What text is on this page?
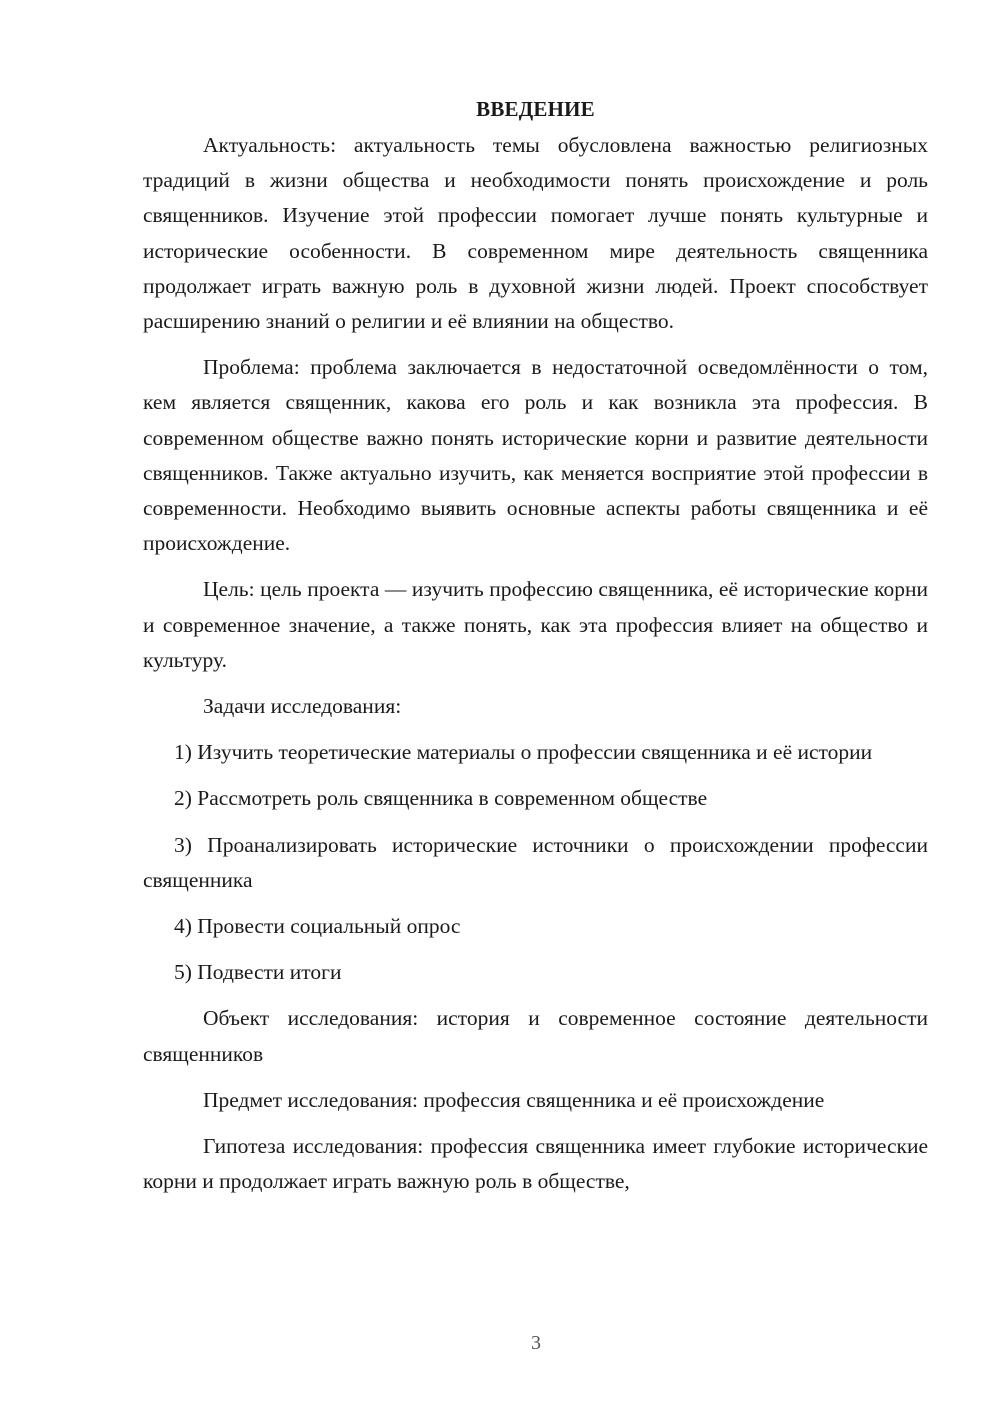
ВВЕДЕНИЕ

Актуальность: актуальность темы обусловлена важностью религиозных традиций в жизни общества и необходимости понять происхождение и роль священников. Изучение этой профессии помогает лучше понять культурные и исторические особенности. В современном мире деятельность священника продолжает играть важную роль в духовной жизни людей. Проект способствует расширению знаний о религии и её влиянии на общество.

Проблема: проблема заключается в недостаточной осведомлённости о том, кем является священник, какова его роль и как возникла эта профессия. В современном обществе важно понять исторические корни и развитие деятельности священников. Также актуально изучить, как меняется восприятие этой профессии в современности. Необходимо выявить основные аспекты работы священника и её происхождение.

Цель: цель проекта — изучить профессию священника, её исторические корни и современное значение, а также понять, как эта профессия влияет на общество и культуру.

Задачи исследования:

1) Изучить теоретические материалы о профессии священника и её истории

2) Рассмотреть роль священника в современном обществе

3) Проанализировать исторические источники о происхождении профессии священника

4) Провести социальный опрос

5) Подвести итоги

Объект исследования: история и современное состояние деятельности священников

Предмет исследования: профессия священника и её происхождение

Гипотеза исследования: профессия священника имеет глубокие исторические корни и продолжает играть важную роль в обществе,

3
